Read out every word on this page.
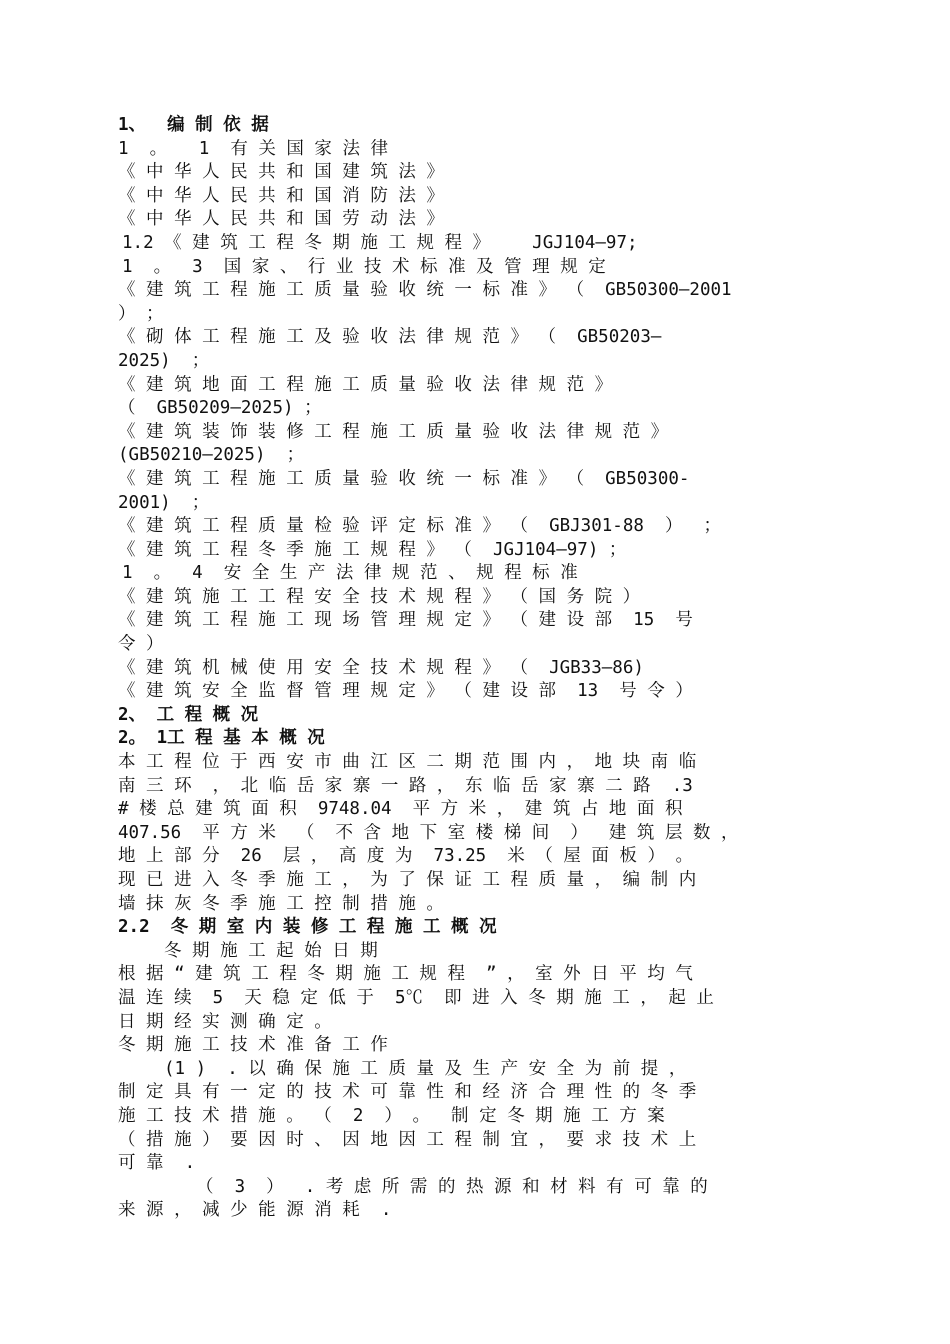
1、  编 制 依 据
1  。   1  有 关 国 家 法 律
《 中 华 人 民 共 和 国 建 筑 法 》
《 中 华 人 民 共 和 国 消 防 法 》
《 中 华 人 民 共 和 国 劳 动 法 》
1.2 《 建 筑 工 程 冬 期 施 工 规 程 》    JGJ104—97;
1  。  3  国 家 、 行 业 技 术 标 准 及 管 理 规 定
《 建 筑 工 程 施 工 质 量 验 收 统 一 标 准 》 （  GB50300—2001
） ；
《 砌 体 工 程 施 工 及 验 收 法 律 规 范 》 （  GB50203—
2025)  ；
《 建 筑 地 面 工 程 施 工 质 量 验 收 法 律 规 范 》
（  GB50209—2025) ；
《 建 筑 装 饰 装 修 工 程 施 工 质 量 验 收 法 律 规 范 》
(GB50210—2025)  ；
《 建 筑 工 程 施 工 质 量 验 收 统 一 标 准 》 （  GB50300-
2001)  ；
《 建 筑 工 程 质 量 检 验 评 定 标 准 》 （  GBJ301-88  ）  ；
《 建 筑 工 程 冬 季 施 工 规 程 》 （  JGJ104—97) ；
1  。  4  安 全 生 产 法 律 规 范 、 规 程 标 准
《 建 筑 施 工 工 程 安 全 技 术 规 程 》 （ 国 务 院 ）
《 建 筑 工 程 施 工 现 场 管 理 规 定 》 （ 建 设 部  15  号
令 ）
《 建 筑 机 械 使 用 安 全 技 术 规 程 》 （  JGB33—86)
《 建 筑 安 全 监 督 管 理 规 定 》 （ 建 设 部  13  号 令 ）
2、 工 程 概 况
2。 1工 程 基 本 概 况
本 工 程 位 于 西 安 市 曲 江 区 二 期 范 围 内 ， 地 块 南 临
南 三 环  ， 北 临 岳 家 寨 一 路 ， 东 临 岳 家 寨 二 路  .3
# 楼 总 建 筑 面 积  9748.04  平 方 米 ， 建 筑 占 地 面 积
407.56  平 方 米  （  不 含 地 下 室 楼 梯 间  ）  建 筑 层 数 ，
地 上 部 分  26  层 ， 高 度 为  73.25  米 （ 屋 面 板 ） 。
现 已 进 入 冬 季 施 工 ， 为 了 保 证 工 程 质 量 ， 编 制 内
墙 抹 灰 冬 季 施 工 控 制 措 施 。
2.2  冬 期 室 内 装 修 工 程 施 工 概 况
冬 期 施 工 起 始 日 期
根 据 “ 建 筑 工 程 冬 期 施 工 规 程  ” ， 室 外 日 平 均 气
温 连 续  5  天 稳 定 低 于  5℃  即 进 入 冬 期 施 工 ， 起 止
日 期 经 实 测 确 定 。
冬 期 施 工 技 术 准 备 工 作
(1 )  . 以 确 保 施 工 质 量 及 生 产 安 全 为 前 提 ，
制 定 具 有 一 定 的 技 术 可 靠 性 和 经 济 合 理 性 的 冬 季
施 工 技 术 措 施 。 （  2  ） 。  制 定 冬 期 施 工 方 案
（ 措 施 ） 要 因 时 、 因 地 因 工 程 制 宜 ， 要 求 技 术 上
可 靠  .
（  3  ）  . 考 虑 所 需 的 热 源 和 材 料 有 可 靠 的
来 源 ， 减 少 能 源 消 耗  .
